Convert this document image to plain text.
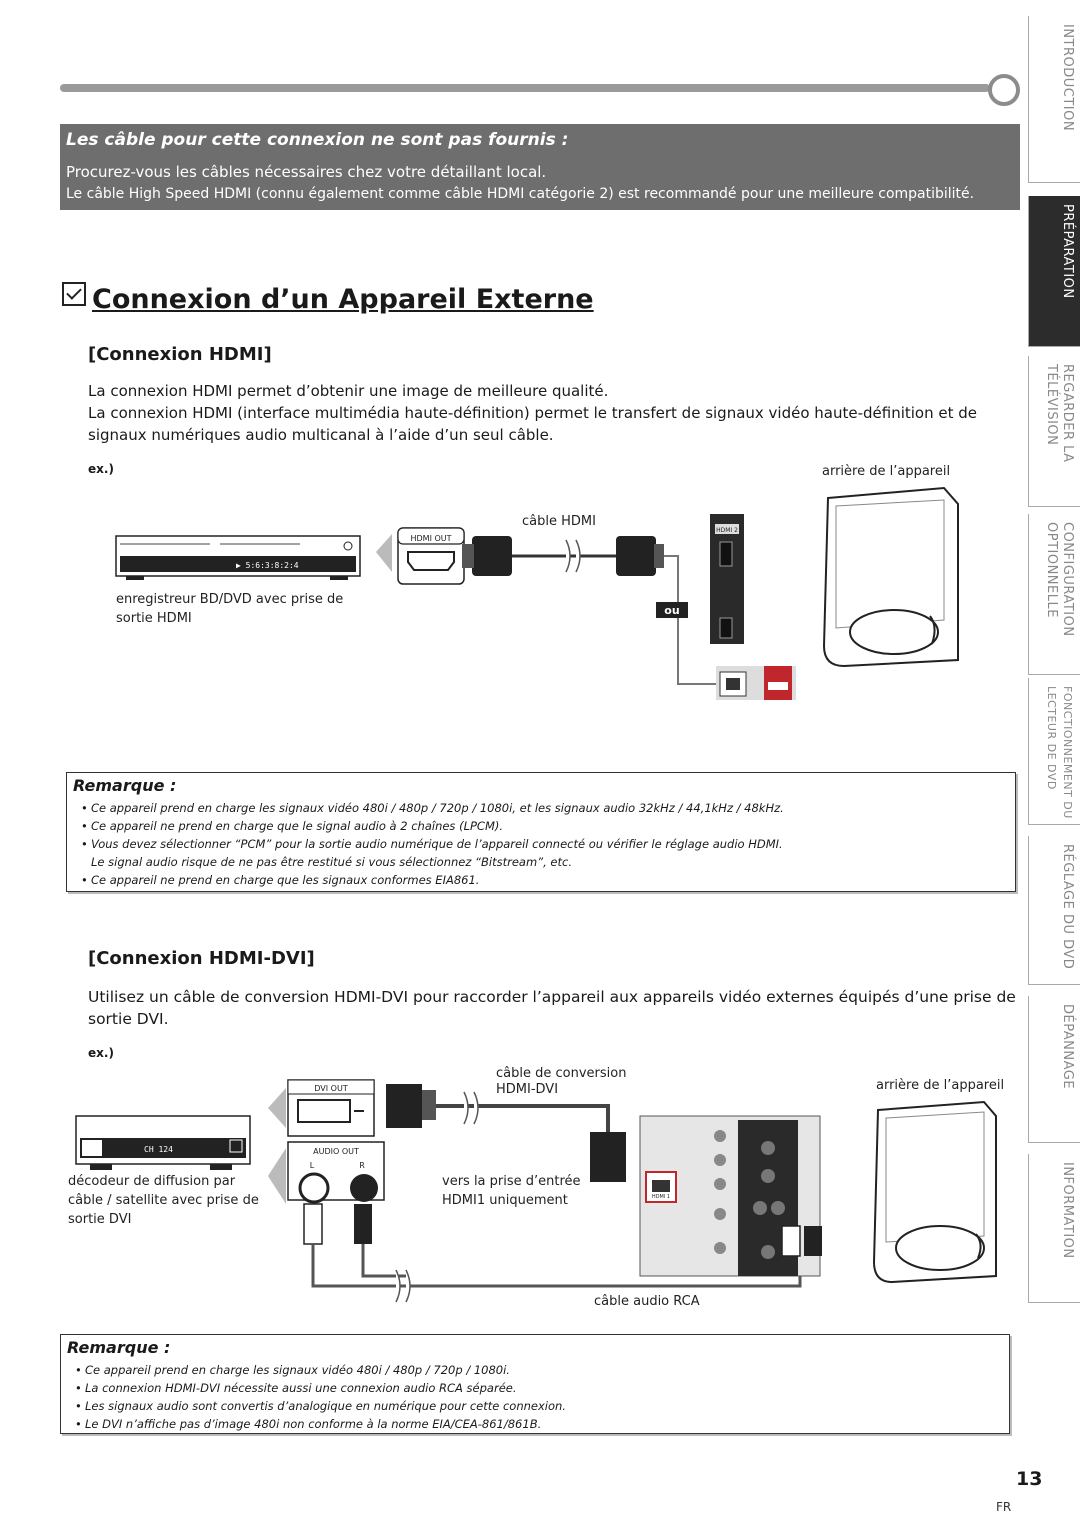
Les câble pour cette connexion ne sont pas fournis :
Procurez-vous les câbles nécessaires chez votre détaillant local.
Le câble High Speed HDMI (connu également comme câble HDMI catégorie 2) est recommandé pour une meilleure compatibilité.
Connexion d’un Appareil Externe
[Connexion HDMI]
La connexion HDMI permet d’obtenir une image de meilleure qualité.
La connexion HDMI (interface multimédia haute-définition) permet le transfert de signaux vidéo haute-définition et de signaux numériques audio multicanal à l’aide d’un seul câble.
ex.)	arrière de l’appareil
câble HDMI
enregistreur BD/DVD avec prise de sortie HDMI
▶ 5:6:3:8:2:4
HDMI OUT
HDMI 2
ou
Remarque :
• Ce appareil prend en charge les signaux vidéo 480i / 480p / 720p / 1080i, et les signaux audio 32kHz / 44,1kHz / 48kHz.
• Ce appareil ne prend en charge que le signal audio à 2 chaînes (LPCM).
• Vous devez sélectionner “PCM” pour la sortie audio numérique de l’appareil connecté ou vérifier le réglage audio HDMI.
Le signal audio risque de ne pas être restitué si vous sélectionnez “Bitstream”, etc.
• Ce appareil ne prend en charge que les signaux conformes EIA861.
[Connexion HDMI-DVI]
Utilisez un câble de conversion HDMI-DVI pour raccorder l’appareil aux appareils vidéo externes équipés d’une prise de sortie DVI.
ex.)
câble de conversion
HDMI-DVI	arrière de l’appareil
décodeur de diffusion par câble / satellite avec prise de sortie DVI
vers la prise d’entrée HDMI1 uniquement
câble audio RCA
CH 124
DVI OUT
AUDIO OUT
L	R
HDMI 1
Remarque :
• Ce appareil prend en charge les signaux vidéo 480i / 480p / 720p / 1080i.
• La connexion HDMI-DVI nécessite aussi une connexion audio RCA séparée.
• Les signaux audio sont convertis d’analogique en numérique pour cette connexion.
• Le DVI n’affiche pas d’image 480i non conforme à la norme EIA/CEA-861/861B.
INTRODUCTION
PRÉPARATION
REGARDER LA TÉLÉVISION
CONFIGURATION OPTIONNELLE
FONCTIONNEMENT DU LECTEUR DE DVD
RÉGLAGE DU DVD
DÉPANNAGE
INFORMATION
13
FR
